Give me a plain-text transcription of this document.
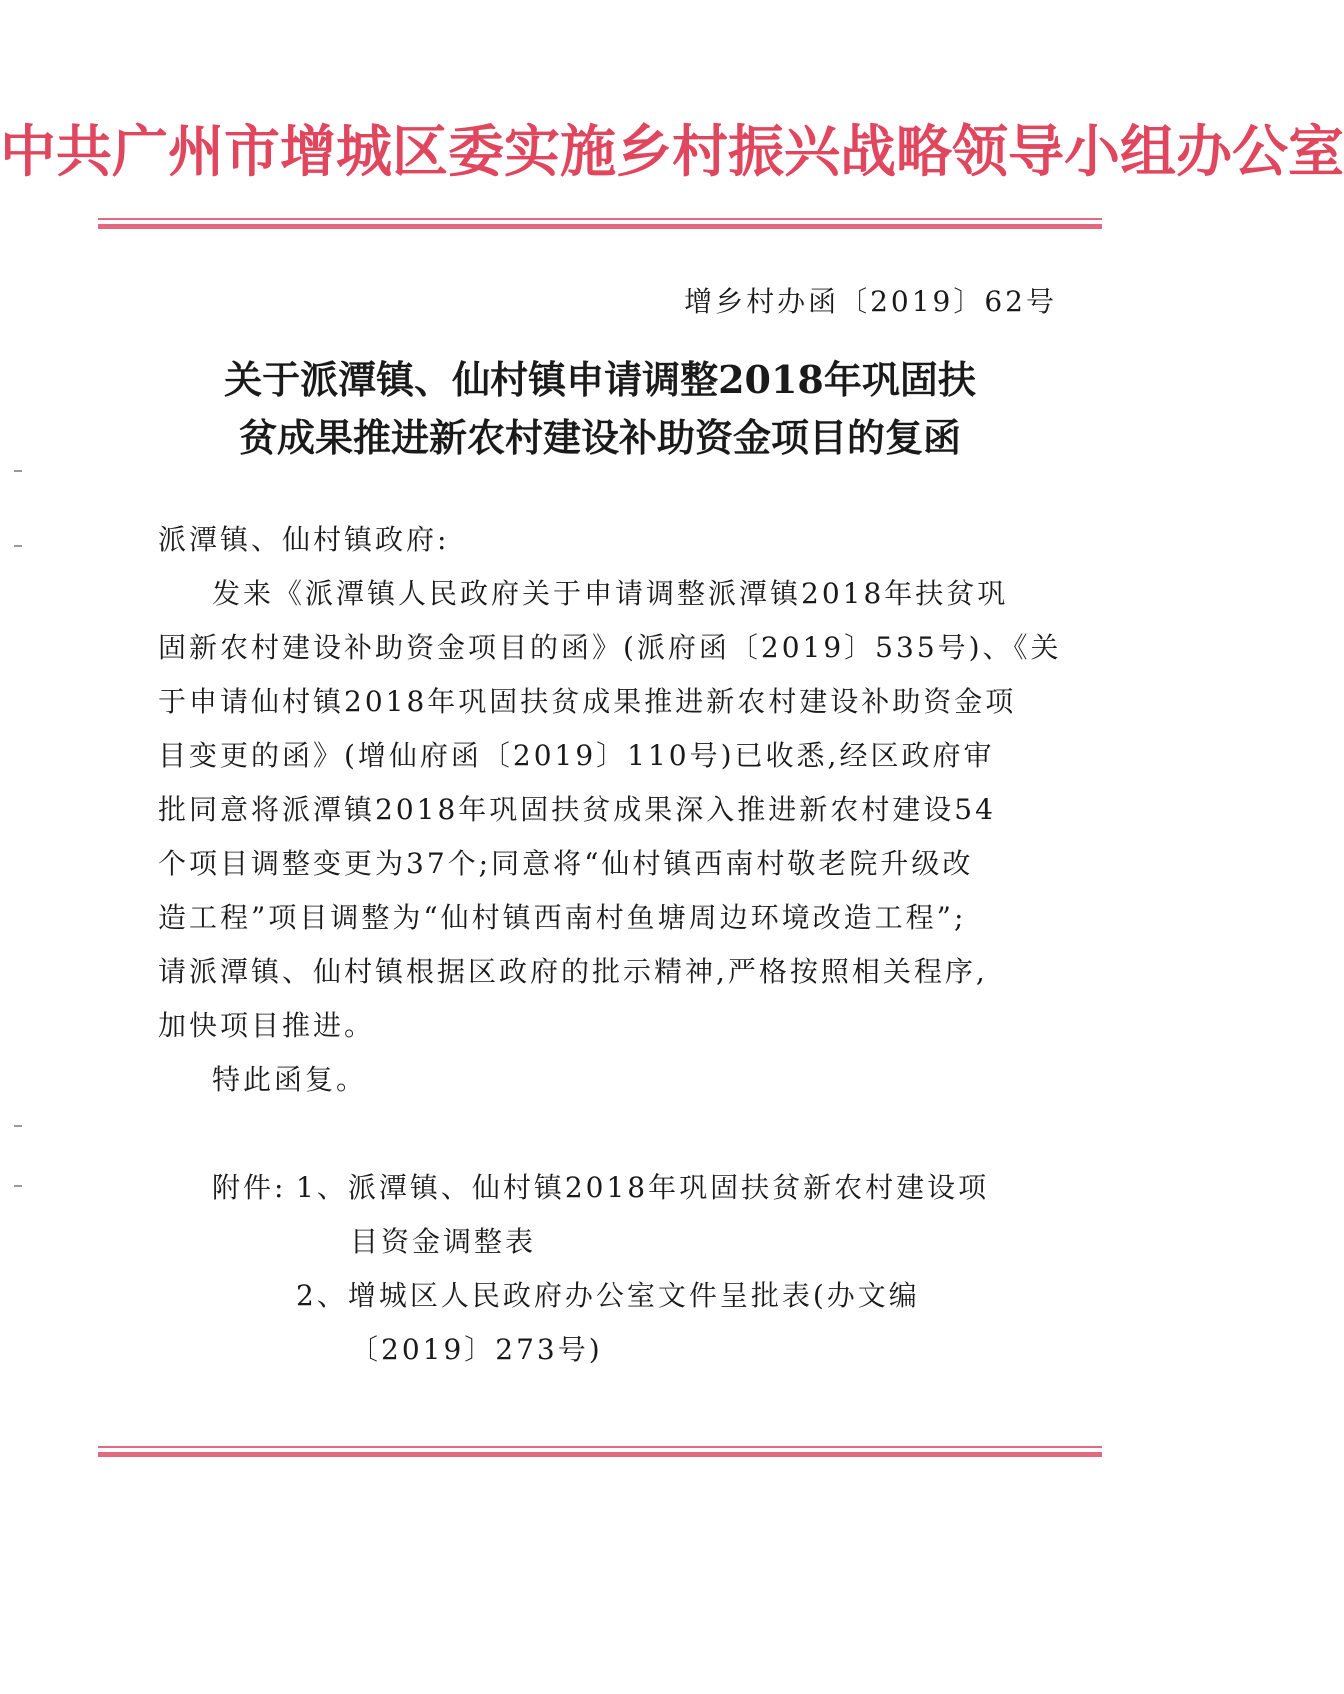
中共广州市增城区委实施乡村振兴战略领导小组办公室
增乡村办函〔2019〕62号
关于派潭镇、仙村镇申请调整2018年巩固扶
贫成果推进新农村建设补助资金项目的复函
派潭镇、仙村镇政府:
发来《派潭镇人民政府关于申请调整派潭镇2018年扶贫巩
固新农村建设补助资金项目的函》(派府函〔2019〕535号)、《关
于申请仙村镇2018年巩固扶贫成果推进新农村建设补助资金项
目变更的函》(增仙府函〔2019〕110号)已收悉,经区政府审
批同意将派潭镇2018年巩固扶贫成果深入推进新农村建设54
个项目调整变更为37个;同意将“仙村镇西南村敬老院升级改
造工程”项目调整为“仙村镇西南村鱼塘周边环境改造工程”;
请派潭镇、仙村镇根据区政府的批示精神,严格按照相关程序,
加快项目推进。
特此函复。
附件: 1、派潭镇、仙村镇2018年巩固扶贫新农村建设项
目资金调整表
2、增城区人民政府办公室文件呈批表(办文编
〔2019〕273号)
